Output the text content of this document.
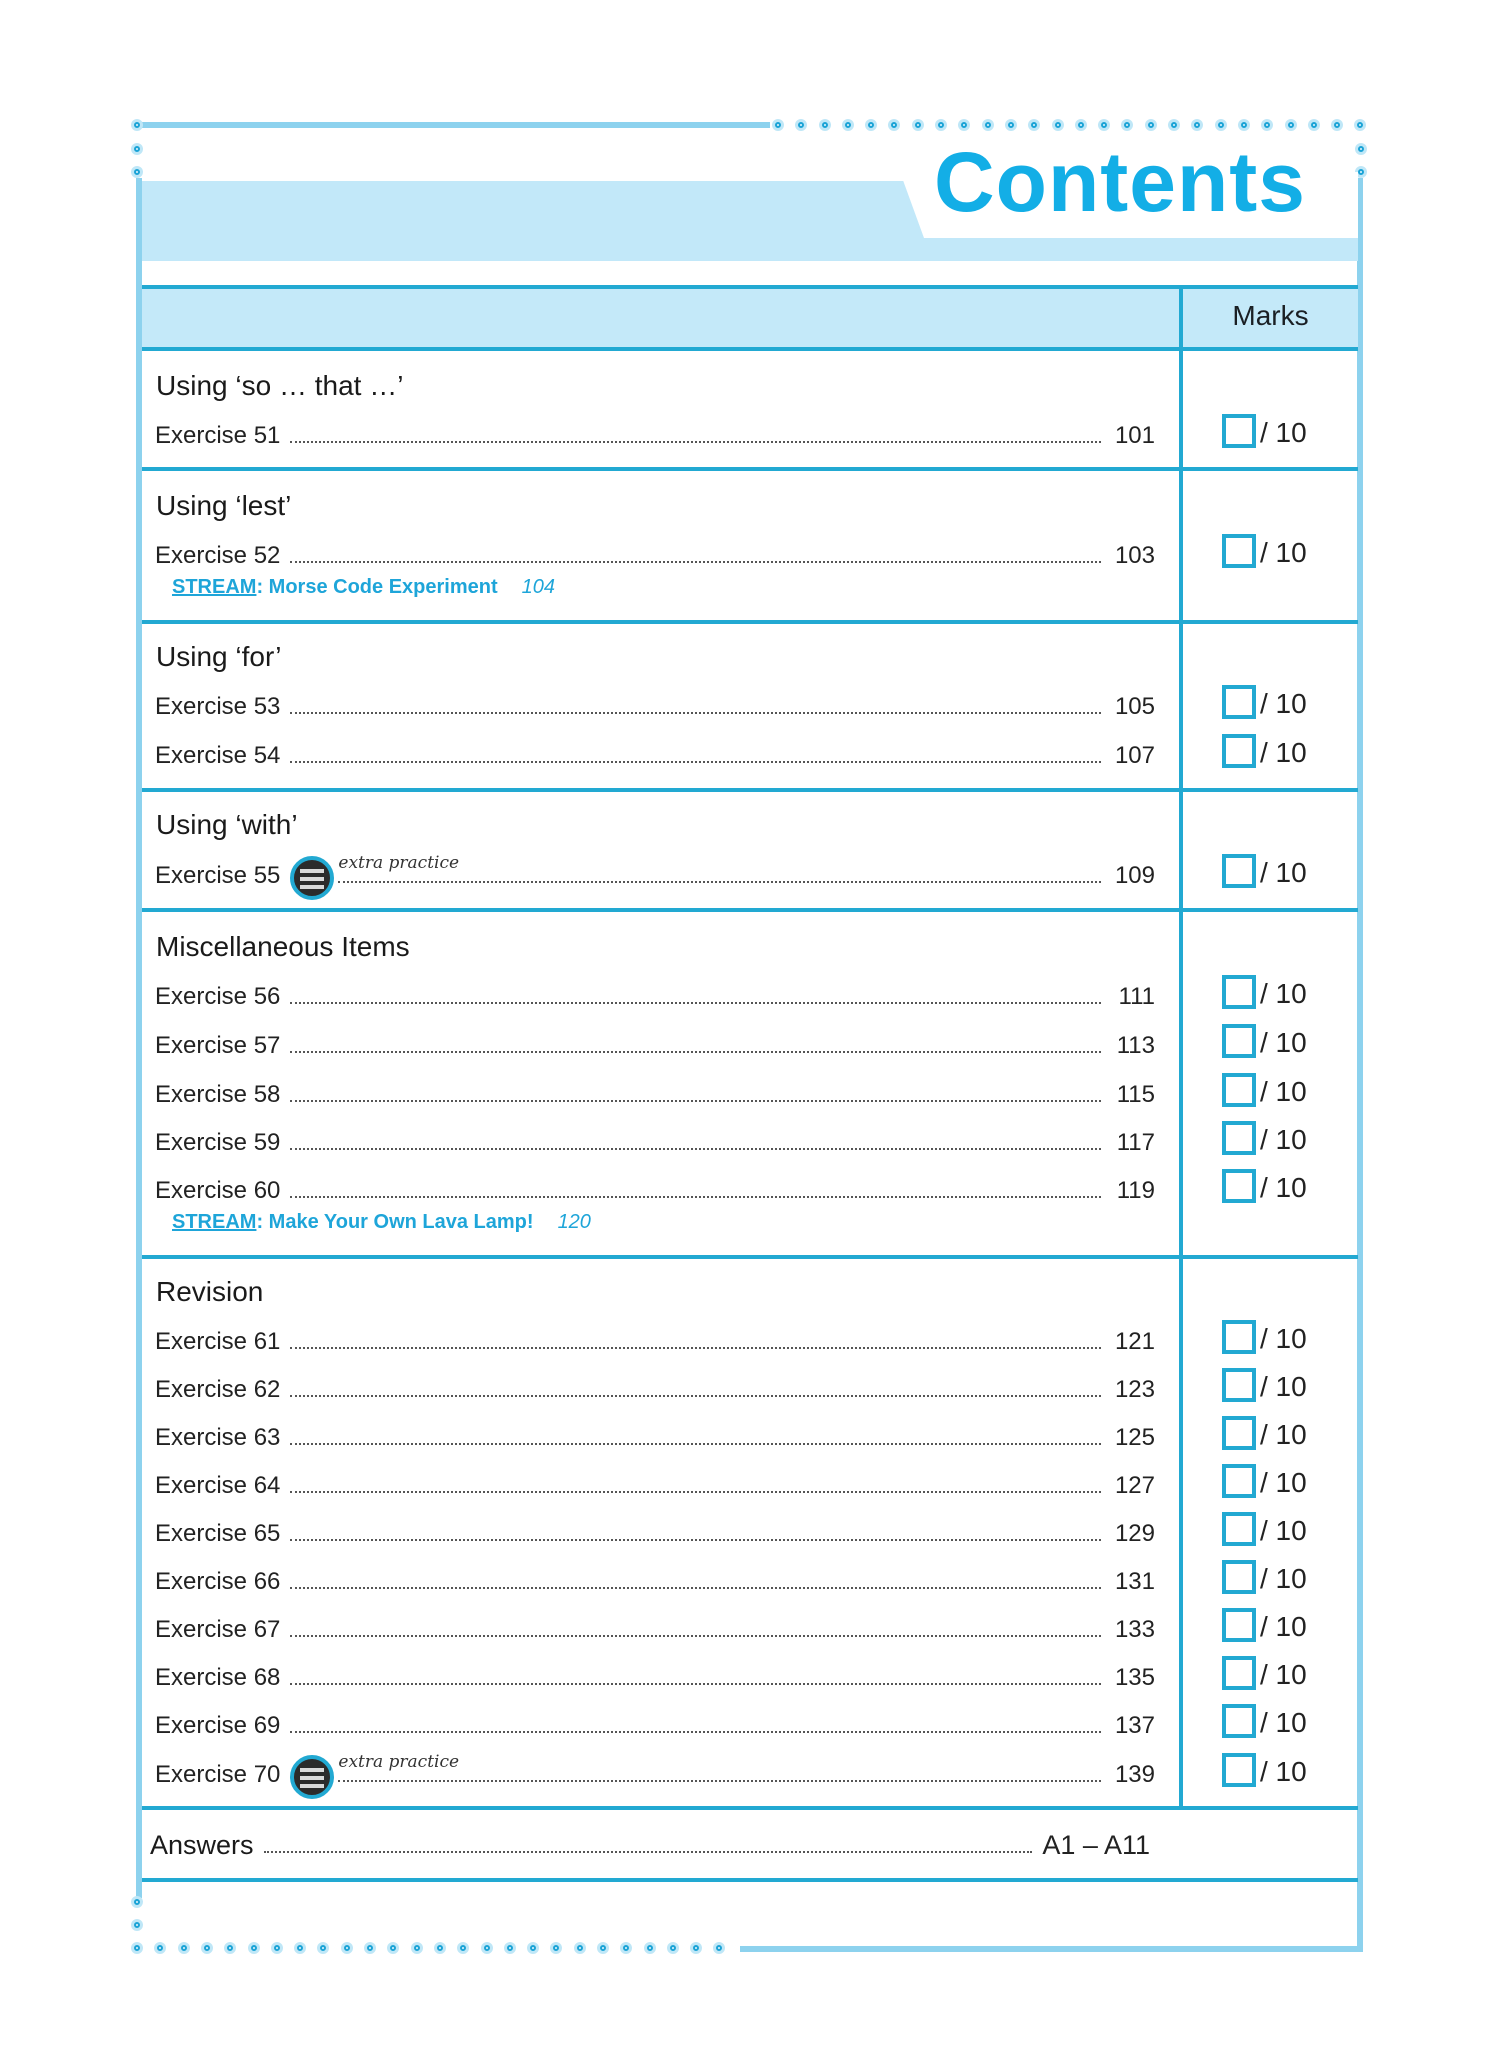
Contents
Marks
Using ‘so … that …’
Using ‘lest’
Using ‘for’
Using ‘with’
Miscellaneous Items
Revision
Exercise 51	101	/ 10
Exercise 52	103	/ 10
Exercise 53	105	/ 10
Exercise 54	107	/ 10
Exercise 55	extra practice	109	/ 10
Exercise 56	111	/ 10
Exercise 57	113	/ 10
Exercise 58	115	/ 10
Exercise 59	117	/ 10
Exercise 60	119	/ 10
Exercise 61	121	/ 10
Exercise 62	123	/ 10
Exercise 63	125	/ 10
Exercise 64	127	/ 10
Exercise 65	129	/ 10
Exercise 66	131	/ 10
Exercise 67	133	/ 10
Exercise 68	135	/ 10
Exercise 69	137	/ 10
Exercise 70	extra practice	139	/ 10
STREAM: Morse Code Experiment 104
STREAM: Make Your Own Lava Lamp! 120
Answers	A1 – A11
